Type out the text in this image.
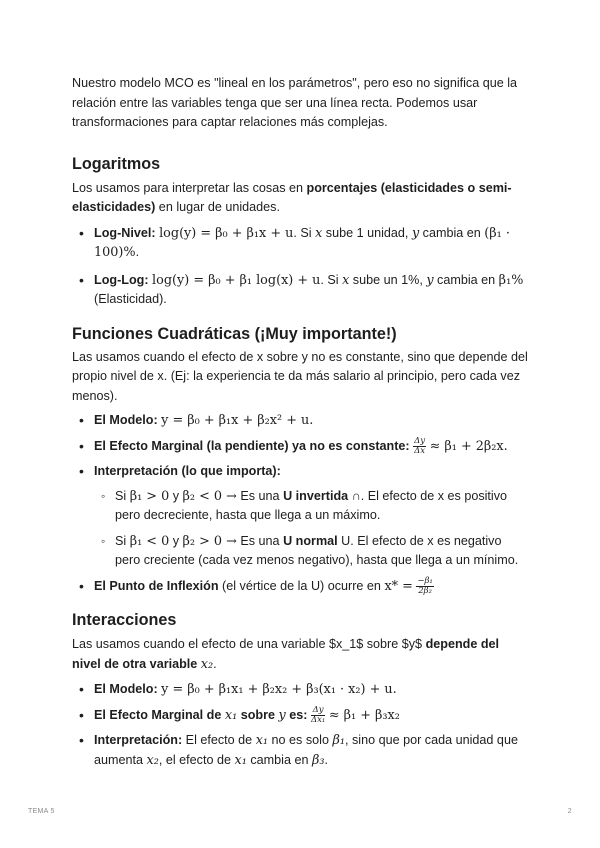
Nuestro modelo MCO es "lineal en los parámetros", pero eso no significa que la relación entre las variables tenga que ser una línea recta. Podemos usar transformaciones para captar relaciones más complejas.

Logaritmos

Los usamos para interpretar las cosas en porcentajes (elasticidades o semi-elasticidades) en lugar de unidades.

• Log-Nivel: log(y) = β₀ + β₁x + u. Si x sube 1 unidad, y cambia en (β₁ · 100)%.
• Log-Log: log(y) = β₀ + β₁ log(x) + u. Si x sube un 1%, y cambia en β₁% (Elasticidad).
Funciones Cuadráticas (¡Muy importante!)

Las usamos cuando el efecto de x sobre y no es constante, sino que depende del propio nivel de x. (Ej: la experiencia te da más salario al principio, pero cada vez menos).

• El Modelo: y = β₀ + β₁x + β₂x² + u.
• El Efecto Marginal (la pendiente) ya no es constante: $\frac{\Delta y}{\Delta x} \approx \beta_1 + 2\beta_2x$.
• Interpretación (lo que importa):
◦ Si β₁ > 0 y β₂ < 0 → Es una U invertida ∩. El efecto de x es positivo pero decreciente, hasta que llega a un máximo.
◦ Si β₁ < 0 y β₂ > 0 → Es una U normal U. El efecto de x es negativo pero creciente (cada vez menos negativo), hasta que llega a un mínimo.
• El Punto de Inflexión (el vértice de la U) ocurre en $x* = \frac{\text{−β₁}}{\text{2β₂}}$
Interacciones

Las usamos cuando el efecto de una variable $x_1$ sobre $y$ depende del nivel de otra variable x₂.

• El Modelo: y = β₀ + β₁x₁ + β₂x₂ + β₃(x₁ · x₂) + u.
• El Efecto Marginal de x₁ sobre y es: $\frac{\Delta y}{\text{Δx₁}} \approx \beta_1 + \beta_3x_2$
• Interpretación: El efecto de x₁ no es solo β₁, sino que por cada unidad que aumenta x₂, el efecto de x₁ cambia en β₃.
TEMA 5	2
